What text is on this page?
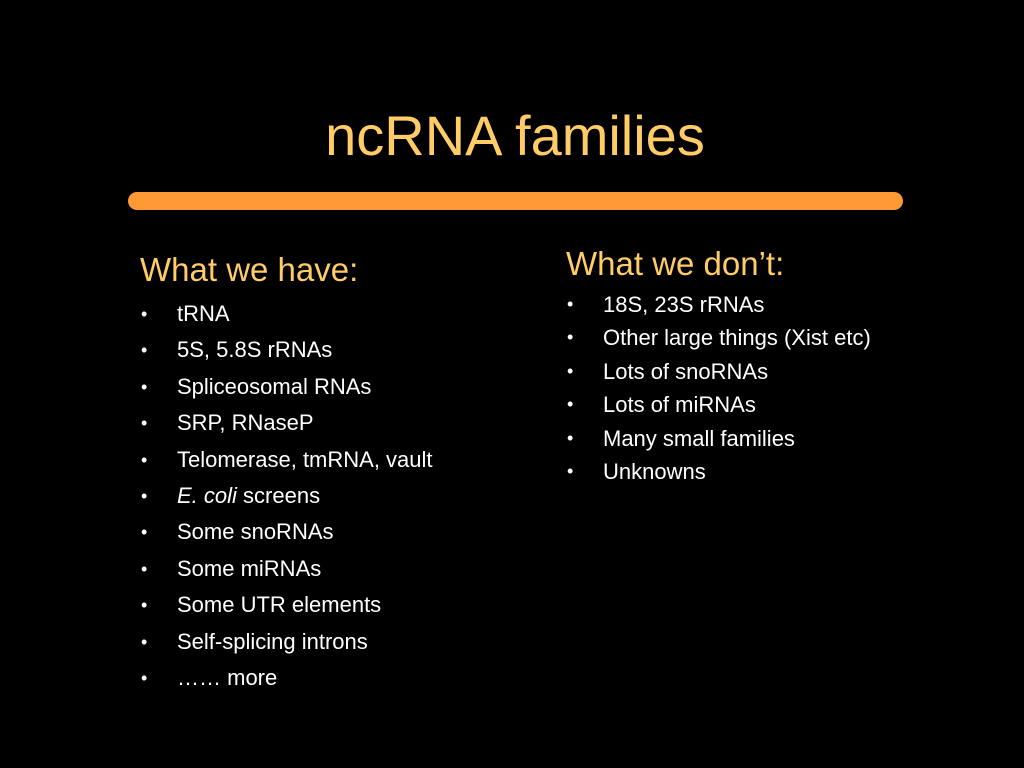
ncRNA families
What we have:
• tRNA
• 5S, 5.8S rRNAs
• Spliceosomal RNAs
• SRP, RNaseP
• Telomerase, tmRNA, vault
• E. coli screens
• Some snoRNAs
• Some miRNAs
• Some UTR elements
• Self-splicing introns
• …… more
What we don’t:
• 18S, 23S rRNAs
• Other large things (Xist etc)
• Lots of snoRNAs
• Lots of miRNAs
• Many small families
• Unknowns
